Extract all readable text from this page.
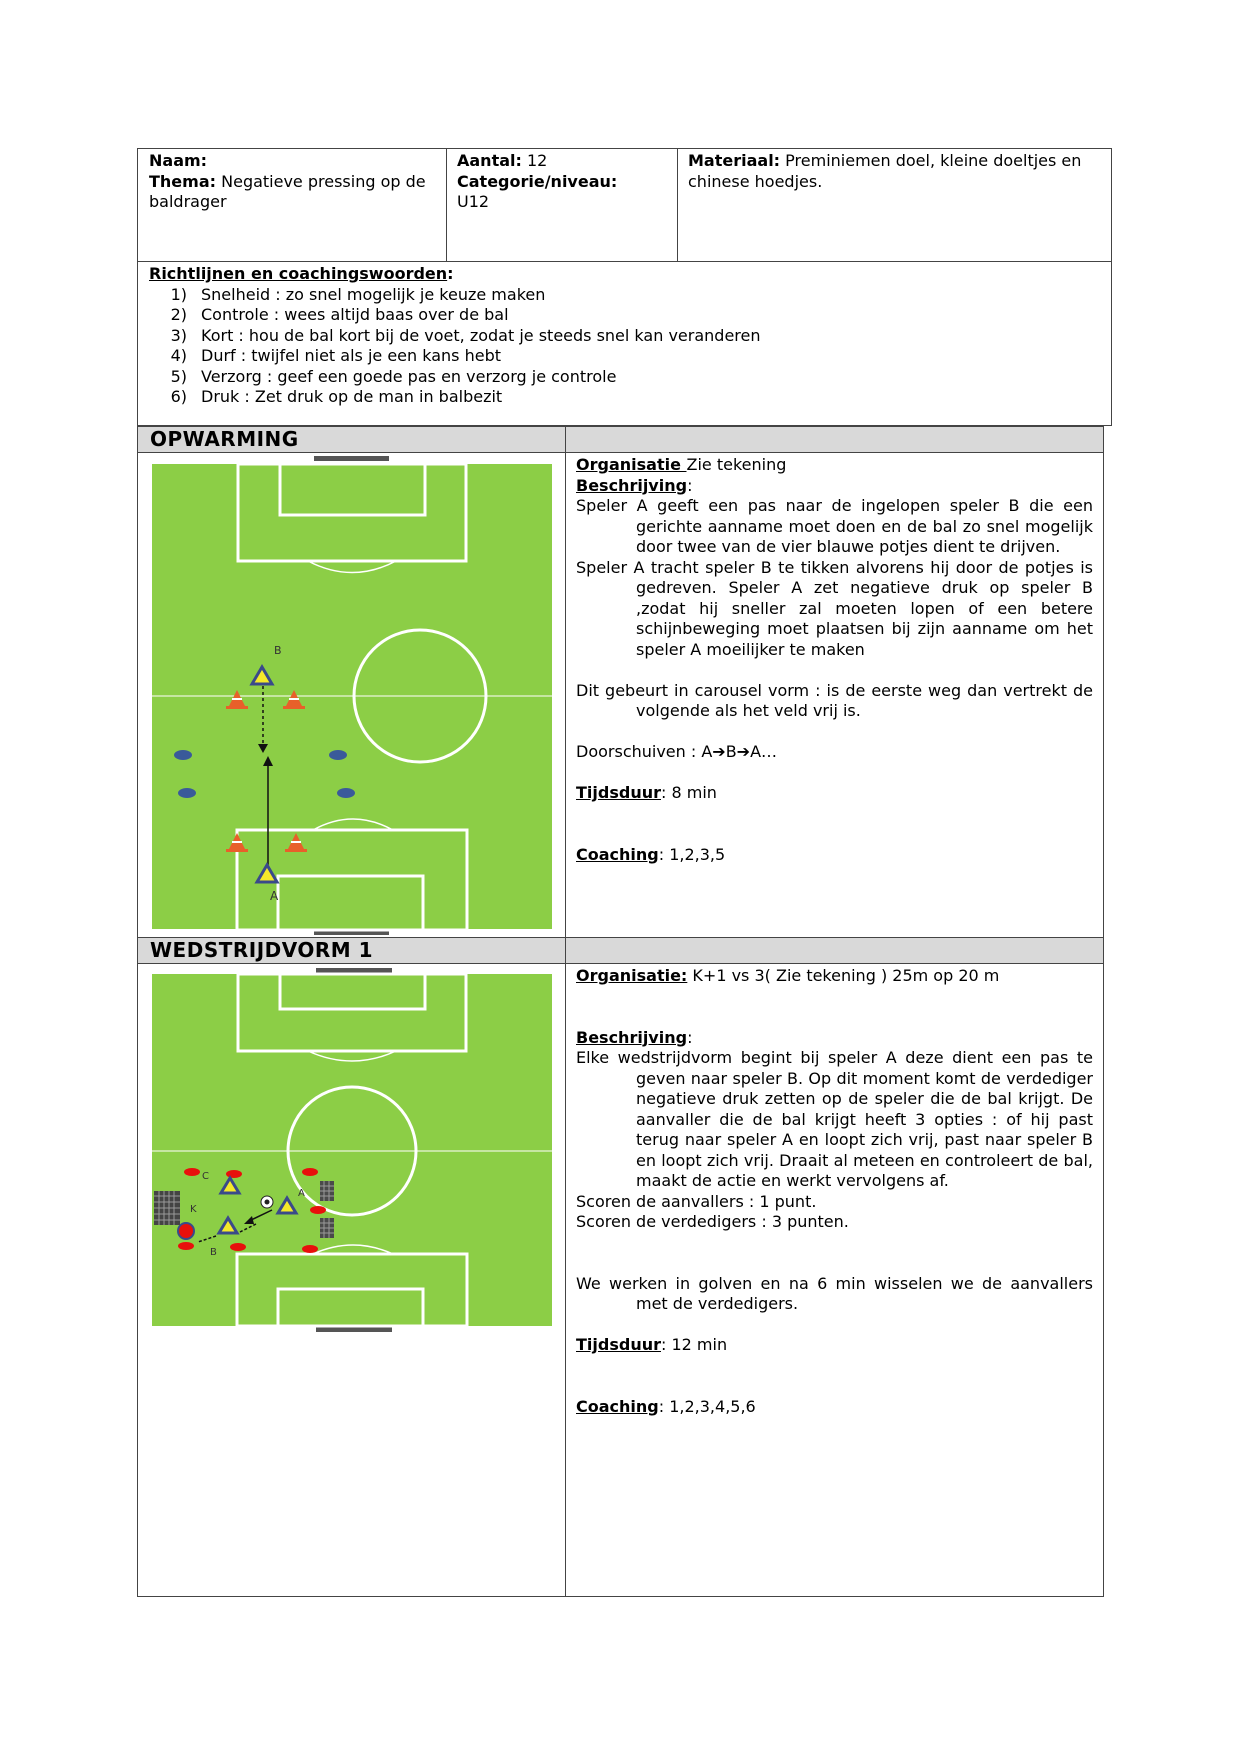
Naam:
Thema: Negatieve pressing op de baldrager
Aantal: 12
Categorie/niveau:
U12
Materiaal: Preminiemen doel, kleine doeltjes en chinese hoedjes.
Richtlijnen en coachingswoorden:
1) Snelheid : zo snel mogelijk je keuze maken
2) Controle : wees altijd baas over de bal
3) Kort : hou de bal kort bij de voet, zodat je steeds snel kan veranderen
4) Durf : twijfel niet als je een kans hebt
5) Verzorg : geef een goede pas en verzorg je controle
6) Druk : Zet druk op de man in balbezit
OPWARMING
B
A

Organisatie Zie tekening

Beschrijving:

Speler A geeft een pas naar de ingelopen speler B die een gerichte aanname moet doen en de bal zo snel mogelijk door twee van de vier blauwe potjes dient te drijven.

Speler A tracht speler B te tikken alvorens hij door de potjes is gedreven. Speler A zet negatieve druk op speler B ,zodat hij sneller zal moeten lopen of een betere schijnbeweging moet plaatsen bij zijn aanname om het speler A moeilijker te maken

Dit gebeurt in carousel vorm : is de eerste weg dan vertrekt de volgende als het veld vrij is.

Doorschuiven : A➔B➔A…

Tijdsduur: 8 min

Coaching: 1,2,3,5

WEDSTRIJDVORM 1
C
K
A
B

Organisatie: K+1 vs 3( Zie tekening ) 25m op 20 m

Beschrijving:

Elke wedstrijdvorm begint bij speler A deze dient een pas te geven naar speler B. Op dit moment komt de verdediger negatieve druk zetten op de speler die de bal krijgt. De aanvaller die de bal krijgt heeft 3 opties : of hij past terug naar speler A en loopt zich vrij, past naar speler B en loopt zich vrij. Draait al meteen en controleert de bal, maakt de actie en werkt vervolgens af.

Scoren de aanvallers : 1 punt.

Scoren de verdedigers : 3 punten.

We werken in golven en na 6 min wisselen we de aanvallers met de verdedigers.

Tijdsduur: 12 min

Coaching: 1,2,3,4,5,6
